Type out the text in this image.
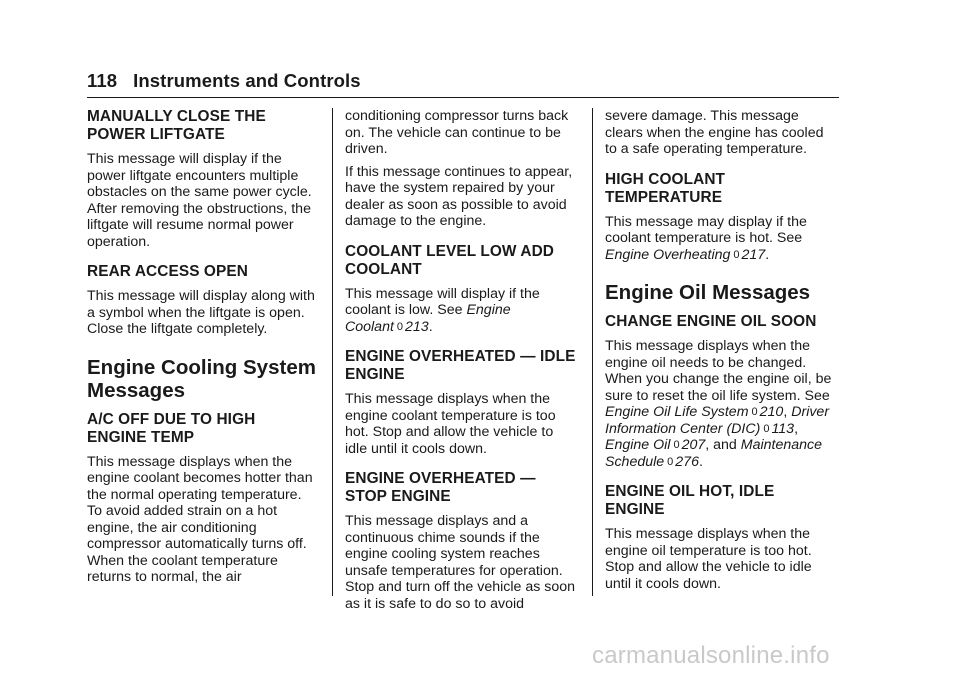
118 Instruments and Controls
MANUALLY CLOSE THE POWER LIFTGATE
This message will display if the power liftgate encounters multiple obstacles on the same power cycle. After removing the obstructions, the liftgate will resume normal power operation.
REAR ACCESS OPEN
This message will display along with a symbol when the liftgate is open. Close the liftgate completely.
Engine Cooling System Messages
A/C OFF DUE TO HIGH ENGINE TEMP
This message displays when the engine coolant becomes hotter than the normal operating temperature. To avoid added strain on a hot engine, the air conditioning compressor automatically turns off. When the coolant temperature returns to normal, the air
conditioning compressor turns back on. The vehicle can continue to be driven.
If this message continues to appear, have the system repaired by your dealer as soon as possible to avoid damage to the engine.
COOLANT LEVEL LOW ADD COOLANT
This message will display if the coolant is low. See Engine Coolant 0 213.
ENGINE OVERHEATED — IDLE ENGINE
This message displays when the engine coolant temperature is too hot. Stop and allow the vehicle to idle until it cools down.
ENGINE OVERHEATED — STOP ENGINE
This message displays and a continuous chime sounds if the engine cooling system reaches unsafe temperatures for operation. Stop and turn off the vehicle as soon as it is safe to do so to avoid
severe damage. This message clears when the engine has cooled to a safe operating temperature.
HIGH COOLANT TEMPERATURE
This message may display if the coolant temperature is hot. See Engine Overheating 0 217.
Engine Oil Messages
CHANGE ENGINE OIL SOON
This message displays when the engine oil needs to be changed. When you change the engine oil, be sure to reset the oil life system. See Engine Oil Life System 0 210, Driver Information Center (DIC) 0 113, Engine Oil 0 207, and Maintenance Schedule 0 276.
ENGINE OIL HOT, IDLE ENGINE
This message displays when the engine oil temperature is too hot. Stop and allow the vehicle to idle until it cools down.
carmanualsonline.info
